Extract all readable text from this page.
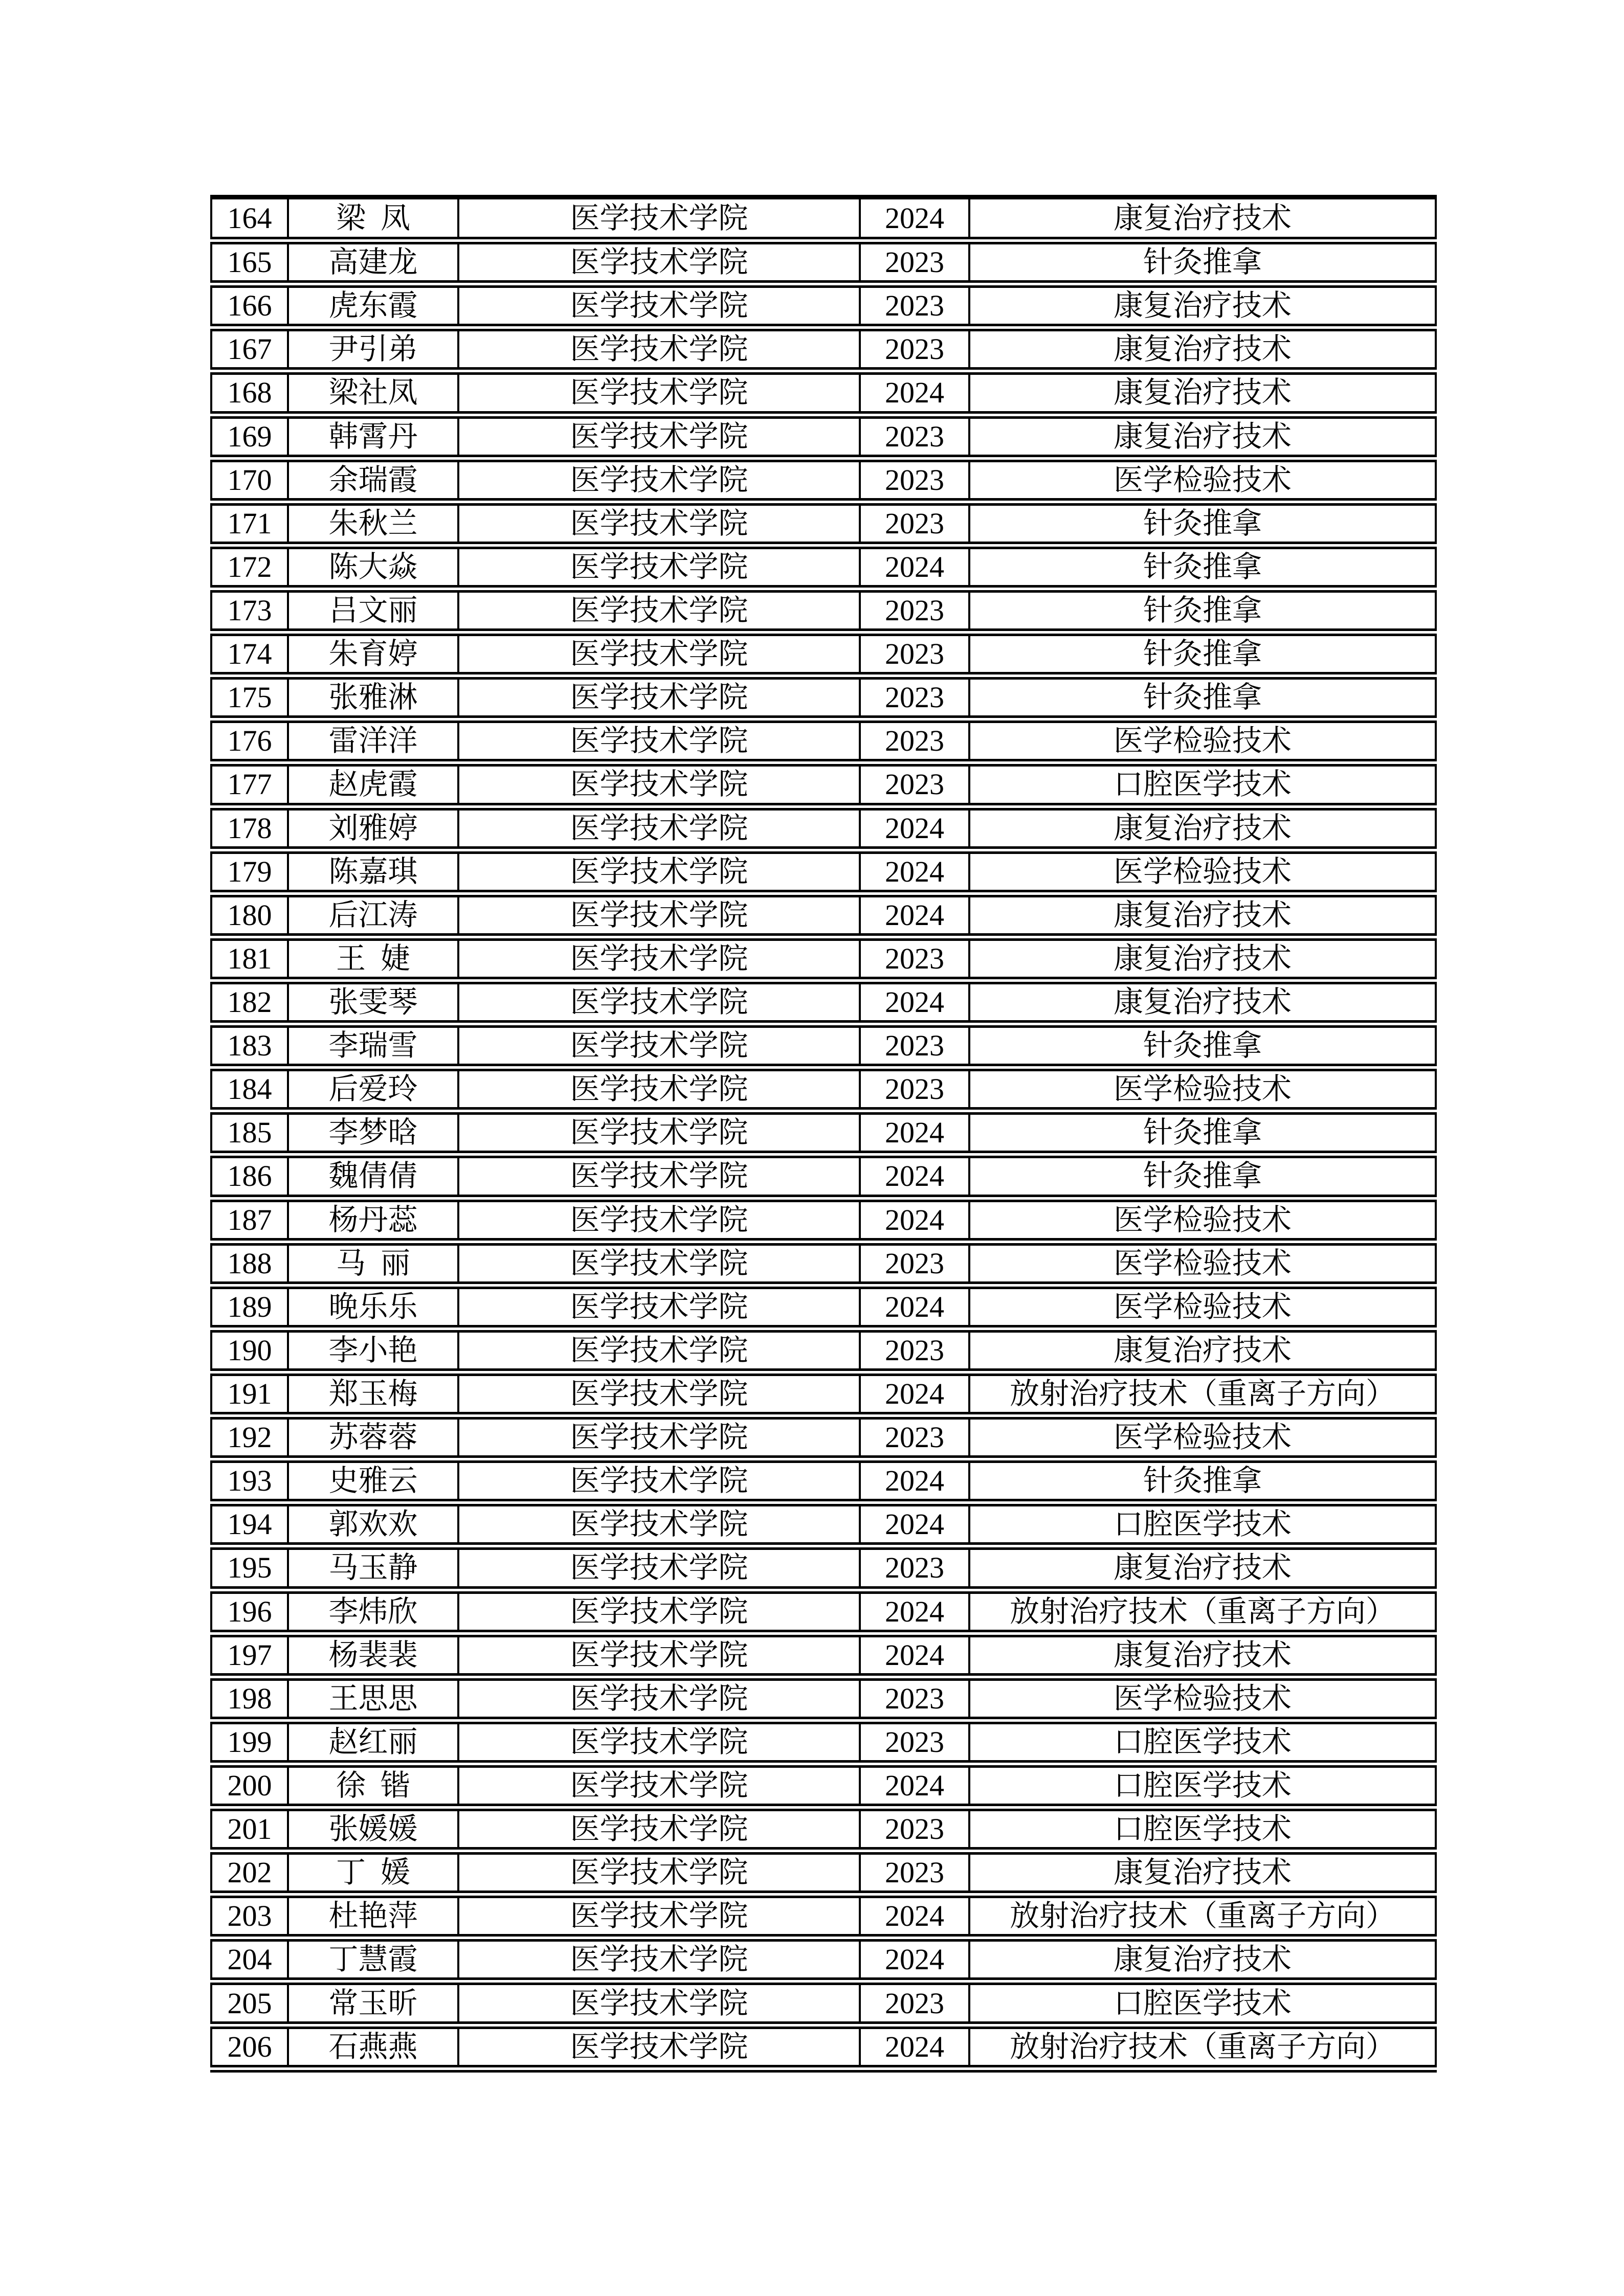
164	梁 凤	医学技术学院	2024	康复治疗技术
165	高建龙	医学技术学院	2023	针灸推拿
166	虎东霞	医学技术学院	2023	康复治疗技术
167	尹引弟	医学技术学院	2023	康复治疗技术
168	梁社凤	医学技术学院	2024	康复治疗技术
169	韩霄丹	医学技术学院	2023	康复治疗技术
170	余瑞霞	医学技术学院	2023	医学检验技术
171	朱秋兰	医学技术学院	2023	针灸推拿
172	陈大焱	医学技术学院	2024	针灸推拿
173	吕文丽	医学技术学院	2023	针灸推拿
174	朱育婷	医学技术学院	2023	针灸推拿
175	张雅淋	医学技术学院	2023	针灸推拿
176	雷洋洋	医学技术学院	2023	医学检验技术
177	赵虎霞	医学技术学院	2023	口腔医学技术
178	刘雅婷	医学技术学院	2024	康复治疗技术
179	陈嘉琪	医学技术学院	2024	医学检验技术
180	后江涛	医学技术学院	2024	康复治疗技术
181	王 婕	医学技术学院	2023	康复治疗技术
182	张雯琴	医学技术学院	2024	康复治疗技术
183	李瑞雪	医学技术学院	2023	针灸推拿
184	后爱玲	医学技术学院	2023	医学检验技术
185	李梦晗	医学技术学院	2024	针灸推拿
186	魏倩倩	医学技术学院	2024	针灸推拿
187	杨丹蕊	医学技术学院	2024	医学检验技术
188	马 丽	医学技术学院	2023	医学检验技术
189	晚乐乐	医学技术学院	2024	医学检验技术
190	李小艳	医学技术学院	2023	康复治疗技术
191	郑玉梅	医学技术学院	2024	放射治疗技术（重离子方向）
192	苏蓉蓉	医学技术学院	2023	医学检验技术
193	史雅云	医学技术学院	2024	针灸推拿
194	郭欢欢	医学技术学院	2024	口腔医学技术
195	马玉静	医学技术学院	2023	康复治疗技术
196	李炜欣	医学技术学院	2024	放射治疗技术（重离子方向）
197	杨裴裴	医学技术学院	2024	康复治疗技术
198	王思思	医学技术学院	2023	医学检验技术
199	赵红丽	医学技术学院	2023	口腔医学技术
200	徐 锴	医学技术学院	2024	口腔医学技术
201	张媛媛	医学技术学院	2023	口腔医学技术
202	丁 媛	医学技术学院	2023	康复治疗技术
203	杜艳萍	医学技术学院	2024	放射治疗技术（重离子方向）
204	丁慧霞	医学技术学院	2024	康复治疗技术
205	常玉昕	医学技术学院	2023	口腔医学技术
206	石燕燕	医学技术学院	2024	放射治疗技术（重离子方向）
